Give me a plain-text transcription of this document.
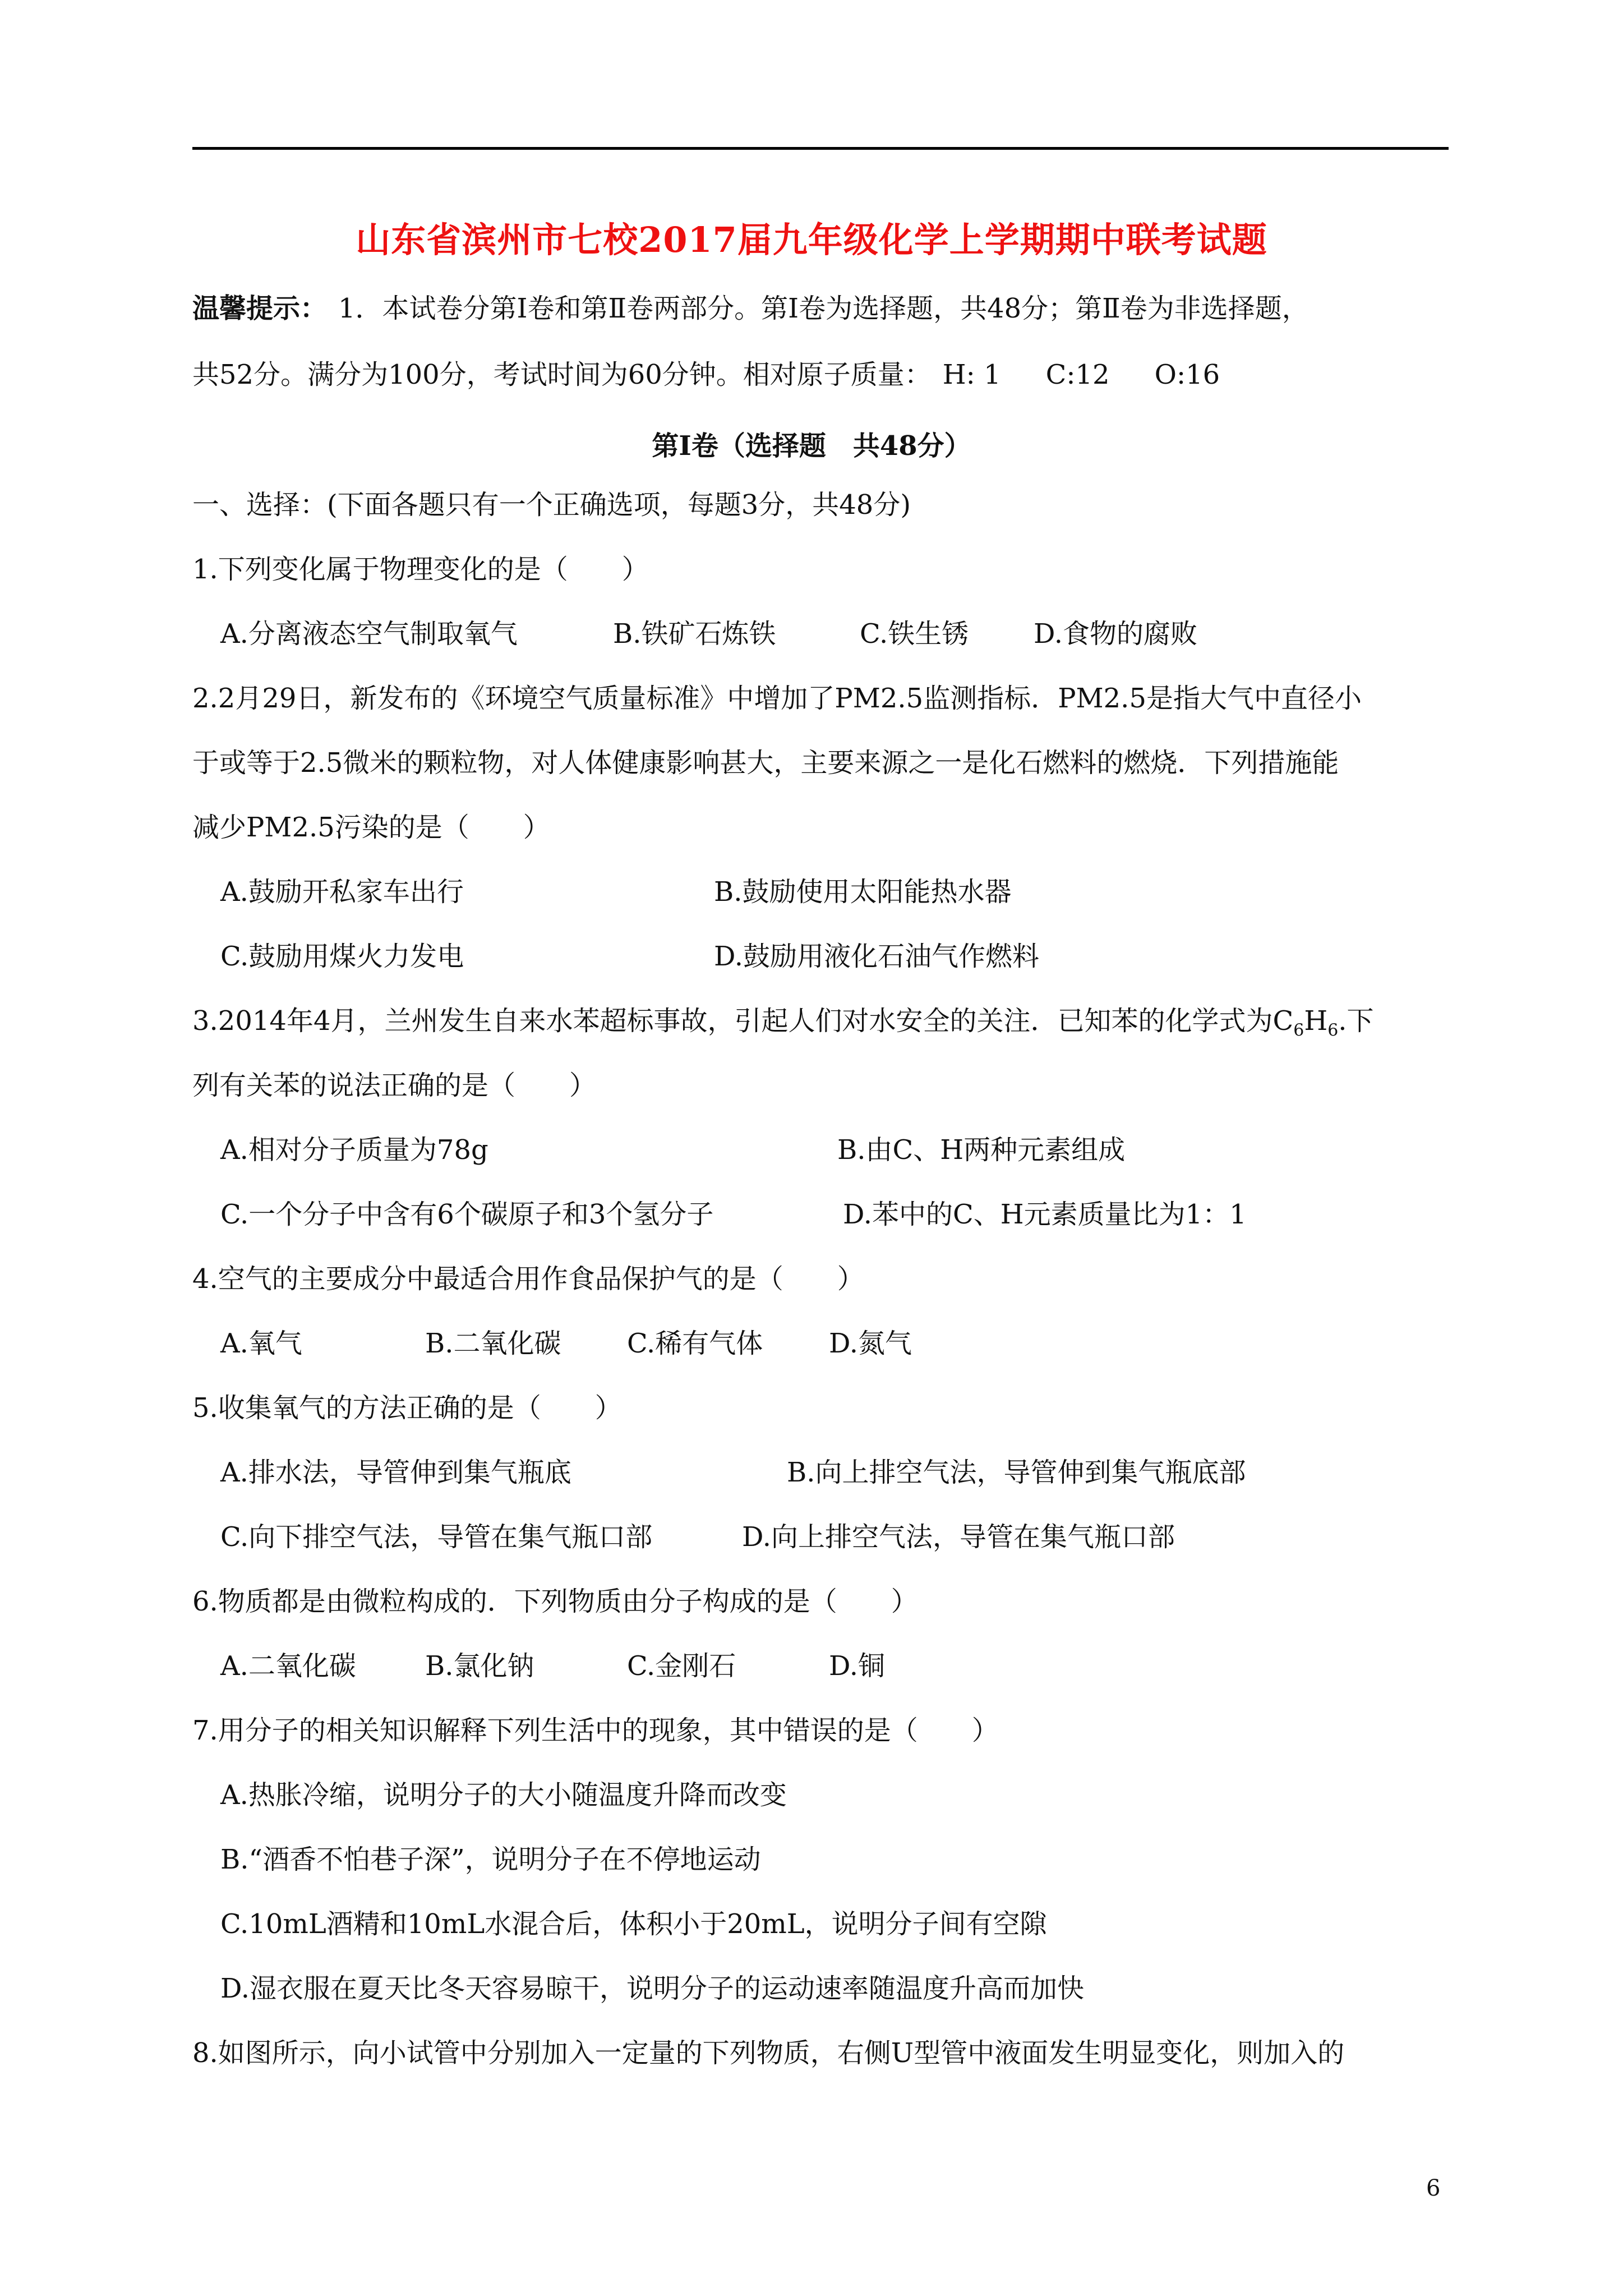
山东省滨州市七校2017届九年级化学上学期期中联考试题
温馨提示： 1．本试卷分第Ⅰ卷和第Ⅱ卷两部分。第Ⅰ卷为选择题，共48分；第Ⅱ卷为非选择题，
共52分。满分为100分，考试时间为60分钟。相对原子质量： H: 1 C:12 O:16
第Ⅰ卷（选择题　共48分）
一、选择：(下面各题只有一个正确选项，每题3分，共48分)
1.下列变化属于物理变化的是（　　）
A.分离液态空气制取氧气	B.铁矿石炼铁	C.铁生锈 D.食物的腐败
2.2月29日，新发布的《环境空气质量标准》中增加了PM2.5监测指标．PM2.5是指大气中直径小
于或等于2.5微米的颗粒物，对人体健康影响甚大，主要来源之一是化石燃料的燃烧．下列措施能
减少PM2.5污染的是（　　）
A.鼓励开私家车出行	B.鼓励使用太阳能热水器
C.鼓励用煤火力发电	D.鼓励用液化石油气作燃料
3.2014年4月，兰州发生自来水苯超标事故，引起人们对水安全的关注．已知苯的化学式为$C_6H_6$.下
列有关苯的说法正确的是（　　）
A.相对分子质量为78g	B.由C、H两种元素组成
C.一个分子中含有6个碳原子和3个氢分子	D.苯中的C、H元素质量比为1：1
4.空气的主要成分中最适合用作食品保护气的是（　　）
A.氧气	B.二氧化碳 C.稀有气体 D.氮气
5.收集氧气的方法正确的是（　　）
A.排水法，导管伸到集气瓶底	B.向上排空气法，导管伸到集气瓶底部
C.向下排空气法，导管在集气瓶口部	D.向上排空气法，导管在集气瓶口部
6.物质都是由微粒构成的．下列物质由分子构成的是（　　）
A.二氧化碳	B.氯化钠	C.金刚石	D.铜
7.用分子的相关知识解释下列生活中的现象，其中错误的是（　　）
A.热胀冷缩，说明分子的大小随温度升降而改变
B.“酒香不怕巷子深”，说明分子在不停地运动
C.10mL酒精和10mL水混合后，体积小于20mL，说明分子间有空隙
D.湿衣服在夏天比冬天容易晾干，说明分子的运动速率随温度升高而加快
8.如图所示，向小试管中分别加入一定量的下列物质，右侧U型管中液面发生明显变化，则加入的
6
